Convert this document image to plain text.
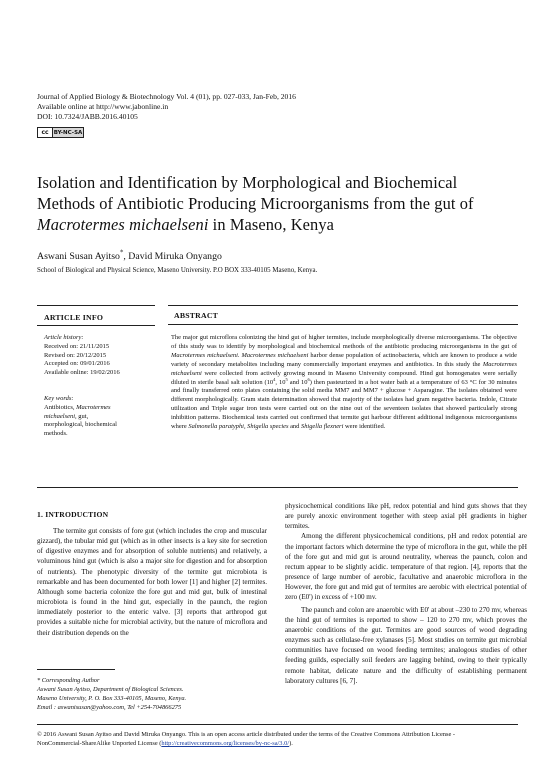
Journal of Applied Biology & Biotechnology Vol. 4 (01), pp. 027-033, Jan-Feb, 2016
Available online at http://www.jabonline.in
DOI: 10.7324/JABB.2016.40105
cc BY-NC-SA
Isolation and Identification by Morphological and Biochemical
Methods of Antibiotic Producing Microorganisms from the gut of
Macrotermes michaelseni in Maseno, Kenya
Aswani Susan Ayitso*, David Miruka Onyango
School of Biological and Physical Science, Maseno University. P.O BOX 333-40105 Maseno, Kenya.
ARTICLE INFO	ABSTRACT
Article history:
Received on: 21/11/2015
Revised on: 20/12/2015
Accepted on: 09/01/2016
Available online: 19/02/2016
Key words:
Antibiotics, Macrotermes
michaelseni, gut,
morphological, biochemical
methods.
The major gut microflora colonizing the hind gut of higher termites, include morphologically diverse microorganisms. The objective of this study was to identify by morphological and biochemical methods of the antibiotic producing microorganisms in the gut of Macrotermes michaelseni. Macrotermes michaelseni harbor dense population of actinobacteria, which are known to produce a wide variety of secondary metabolites including many commercially important enzymes and antibiotics. In this study the Macrotermes michaelseni were collected from actively growing mound in Maseno University compound. Hind gut homogenates were serially diluted in sterile basal salt solution ($10^4$, $10^5$ and $10^6$) then pasteurized in a hot water bath at a temperature of 63 °C for 30 minutes and finally transferred onto plates containing the solid media MM7 and MM7 + glucose + Asparagine. The isolates obtained were different morphologically. Gram stain determination showed that majority of the isolates had gram negative bacteria. Indole, Citrate utilization and Triple sugar iron tests were carried out on the nine out of the seventeen isolates that showed particularly strong inhibition patterns. Biochemical tests carried out confirmed that termite gut harbour different additional indigenous microorganisms where Salmonella paratyphi, Shigella species and Shigella flexneri were identified.
1. INTRODUCTION

The termite gut consists of fore gut (which includes the crop and muscular gizzard), the tubular mid gut (which as in other insects is a key site for secretion of digestive enzymes and for absorption of soluble nutrients) and relatively, a voluminous hind gut (which is also a major site for digestion and for absorption of nutrients). The phenotypic diversity of the termite gut microbiota is remarkable and has been documented for both lower [1] and higher [2] termites. Although some bacteria colonize the fore gut and mid gut, bulk of intestinal microbiota is found in the hind gut, especially in the paunch, the region immediately posterior to the enteric valve. [3] reports that arthropod gut provides a suitable niche for microbial activity, but the nature of microflora and their distribution depends on the

physicochemical conditions like pH, redox potential and hind guts shows that they are purely anoxic environment together with steep axial pH gradients in higher termites.

Among the different physicochemical conditions, pH and redox potential are the important factors which determine the type of microflora in the gut, while the pH of the fore gut and mid gut is around neutrality, whereas the paunch, colon and rectum appear to be slightly acidic. temperature of that region. [4], reports that the presence of large number of aerobic, facultative and anaerobic microflora in the However, the fore gut and mid gut of termites are aerobic with electrical potential of zero (E0') in excess of +100 mv.

The paunch and colon are anaerobic with E0' at about –230 to 270 mv, whereas the hind gut of termites is reported to show – 120 to 270 mv, which proves the anaerobic conditions of the gut. Termites are good sources of wood degrading enzymes such as cellulase-free xylanases [5]. Most studies on termite gut microbial communities have focused on wood feeding termites; analogous studies of other feeding guilds, especially soil feeders are lagging behind, owing to their typically remote habitat, delicate nature and the difficulty of establishing permanent laboratory cultures [6, 7].

* Corresponding Author
Aswani Susan Ayitso, Department of Biological Sciences.
Maseno University, P. O. Box 333-40105, Maseno, Kenya.
Email : aswanisusan@yahoo.com, Tel +254-704866275
© 2016 Aswani Susan Ayitso and David Miruka Onyango. This is an open access article distributed under the terms of the Creative Commons Attribution License -
NonCommercial-ShareAlike Unported License (http://creativecommons.org/licenses/by-nc-sa/3.0/).
